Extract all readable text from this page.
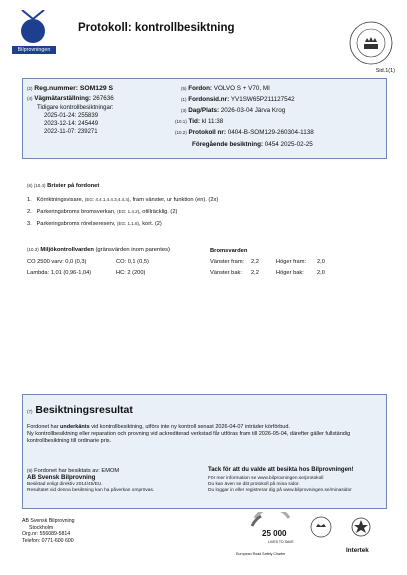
Bilprovningen
Protokoll: kontrollbesiktning
Sid.1(1)
(2) Reg.nummer: SOM129 S
(4) Vägmätarställning: 267636
Tidigare kontrollbesiktningar:
2025-01-24: 255839
2023-12-14: 245449
2022-11-07: 239271
(5) Fordon: VOLVO S + V70, MI
(1) Fordonsid.nr: YV1SW65P211127542
(3) Dag/Plats: 2026-03-04 Järva Krog
(10.1) Tid: kl 11:38
(10.2) Protokoll nr: 0404-B-SOM129-260304-1138
Föregående besiktning: 0454 2025-02-25
(6) (10.4) Brister på fordonet
1. Körriktningsvisare, (EG: 4.4.1,4.4.3,4.4.4), fram vänster, ur funktion (en). (2x)
2. Parkeringsbroms bromsverkan, (EG: 1.4.2), otillräcklig. (2)
3. Parkeringsbroms rörelsereserv, (EG: 1.1.6), kort. (2)
(10.3) Miljökontrollvarden (gränsvärden inom parentes)
CO 2500 varv: 0,0 (0,3)	CO: 0,1 (0,5)
Lambda: 1,01 (0,96-1,04)	HC: 2 (200)
Bromsvarden
Vänster fram: 2,2	Höger fram: 2,0
Vänster bak: 2,2	Höger bak: 2,0
(7) Besiktningsresultat
Fordonet har underkänts vid kontrollbesiktning, utförs inte ny kontroll senast 2026-04-07 inträder körförbud.
Ny kontrollbesiktning eller reparation och provning vid ackrediterad verkstad får utföras fram till 2026-05-04, därefter gäller fullständig kontrollbesiktning till ordinarie pris.
(9) Fordonet har besiktats av: EMOM
AB Svensk Bilprovning
Besiktad enligt direktiv 2014/45/EU.
Resultatet vid denna besiktning kan ha påverkan omprövas.
Tack för att du valde att besikta hos Bilprovningen!
För mer information se www.bilprovningen.se/protokoll
Du kan även se ditt protokoll på mina sidor.
Du loggar in eller registrerar dig på www.bilprovningen.se/minasidor
AB Svensk Bilprovning
Stockholm
Org.nr: 556089-5814
Telefon: 0771-600 600
25 000
LIVES TO SAVE
European Road Safety Charter	Intertek
